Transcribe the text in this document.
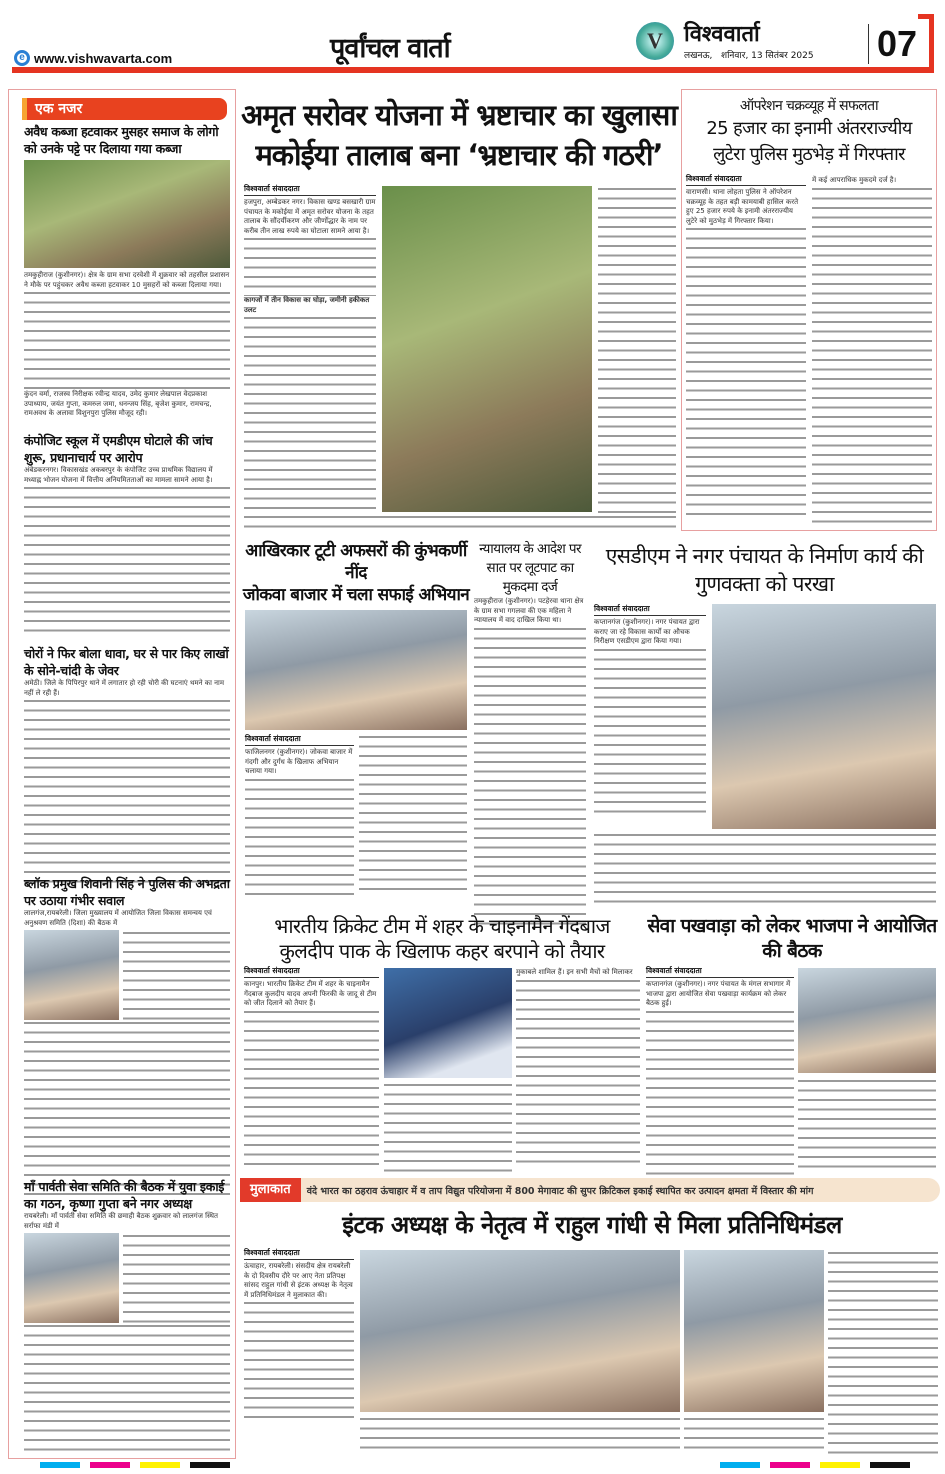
e www.vishwavarta.com	पूर्वांचल वार्ता	V विश्ववार्ता
लखनऊ, शनिवार, 13 सितंबर 2025 07
एक नजर
अवैध कब्जा हटवाकर मुसहर समाज के लोगो को उनके पट्टे पर दिलाया गया कब्जा

तमकुहीराज (कुशीनगर)। क्षेत्र के ग्राम सभा दरवेशी में शुक्रवार को तहसील प्रशासन ने मौके पर पहुंचकर अवैध कब्जा हटवाकर 10 मुसहरों को कब्जा दिलाया गया।

कुंदन वर्मा, राजस्व निरीक्षक रवीन्द्र यादव, उमेद कुमार लेखपाल वेदप्रकाश उपाध्याय, जयंत गुप्ता, कमरुल जमा, धनन्जय सिंह, बृजेश कुमार, रामचन्द्र, रामअवध के अलावा विशुनपुरा पुलिस मौजूद रही।

कंपोजिट स्कूल में एमडीएम घोटाले की जांच शुरू, प्रधानाचार्य पर आरोप

अंबेडकरनगर। विकासखंड अकबरपुर के कंपोजिट उच्च प्राथमिक विद्यालय में मध्याह्न भोजन योजना में वित्तीय अनियमितताओं का मामला सामने आया है।

चोरों ने फिर बोला धावा, घर से पार किए लाखों के सोने-चांदी के जेवर

अमेठी। जिले के पिपिरपुर थाने में लगातार हो रही चोरी की घटनाएं थमने का नाम नहीं ले रही हैं।

ब्लॉक प्रमुख शिवानी सिंह ने पुलिस की अभद्रता पर उठाया गंभीर सवाल

लालगंज,रायबरेली। जिला मुख्यालय में आयोजित जिला विकास समन्वय एवं अनुश्रवण समिति (दिशा) की बैठक में

माँ पार्वती सेवा समिति की बैठक में युवा इकाई का गठन, कृष्णा गुप्ता बने नगर अध्यक्ष

रायबरेली। माँ पार्वती सेवा समिति की छमाही बैठक शुक्रवार को लालगंज स्थित सर्राफा मंडी में

अमृत सरोवर योजना में भ्रष्टाचार का खुलासा
मकोईया तालाब बना ‘भ्रष्टाचार की गठरी’
विश्ववार्ता संवाददाता

हजपुरा, अम्बेडकर नगर। विकास खण्ड बसखारी ग्राम पंचायत के मकोईया में अमृत सरोवर योजना के तहत तालाब के सौंदर्यीकरण और जीर्णोद्धार के नाम पर करीब तीन लाख रुपये का घोटाला सामने आया है।

कागजों में तीन विकास का घोड़ा, जमीनी हकीकत उलट

ऑपरेशन चक्रव्यूह में सफलता
25 हजार का इनामी अंतरराज्यीय लुटेरा पुलिस मुठभेड़ में गिरफ्तार
विश्ववार्ता संवाददाता

वाराणसी। थाना लोहता पुलिस ने ऑपरेशन चक्रव्यूह के तहत बड़ी कामयाबी हासिल करते हुए 25 हजार रुपये के इनामी अंतरराज्यीय लुटेरे को मुठभेड़ में गिरफ्तार किया।

में कई आपराधिक मुकदमे दर्ज है।

आखिरकार टूटी अफसरों की कुंभकर्णी नींद
जोकवा बाजार में चला सफाई अभियान
विश्ववार्ता संवाददाता

फाजिलनगर (कुशीनगर)। जोकवा बाजार में गंदगी और दुर्गंध के खिलाफ अभियान चलाया गया।

न्यायालय के आदेश पर सात पर लूटपाट का मुकदमा दर्ज

तमकुहीराज (कुशीनगर)। पटहेरवा थाना क्षेत्र के ग्राम सभा गगलवा की एक महिला ने न्यायालय में वाद दाखिल किया था।

एसडीएम ने नगर पंचायत के निर्माण कार्य की गुणवक्ता को परखा
विश्ववार्ता संवाददाता

कप्तानगंज (कुशीनगर)। नगर पंचायत द्वारा कराए जा रहे विकास कार्यों का औचक निरीक्षण एसडीएम द्वारा किया गया।

भारतीय क्रिकेट टीम में शहर के चाइनामैन गेंदबाज
कुलदीप पाक के खिलाफ कहर बरपाने को तैयार
विश्ववार्ता संवाददाता

कानपुर। भारतीय क्रिकेट टीम में शहर के चाइनामैन गेंदबाज कुलदीप यादव अपनी फिरकी के जादू से टीम को जीत दिलाने को तैयार हैं।

मुकाबले शामिल हैं। इन सभी मैचों को मिलाकर

सेवा पखवाड़ा को लेकर भाजपा ने आयोजित की बैठक
विश्ववार्ता संवाददाता

कप्तानगंज (कुशीनगर)। नगर पंचायत के मंगल सभागार में भाजपा द्वारा आयोजित सेवा पखवाड़ा कार्यक्रम को लेकर बैठक हुई।

मुलाकात	वंदे भारत का ठहराव ऊंचाहार में व ताप विद्युत परियोजना में 800 मेगावाट की सुपर क्रिटिकल इकाई स्थापित कर उत्पादन क्षमता में विस्तार की मांग
इंटक अध्यक्ष के नेतृत्व में राहुल गांधी से मिला प्रतिनिधिमंडल
विश्ववार्ता संवाददाता

ऊंचाहार, रायबरेली। संसदीय क्षेत्र रायबरेली के दो दिवसीय दौरे पर आए नेता प्रतिपक्ष सांसद राहुल गांधी से इंटक अध्यक्ष के नेतृत्व में प्रतिनिधिमंडल ने मुलाकात की।
